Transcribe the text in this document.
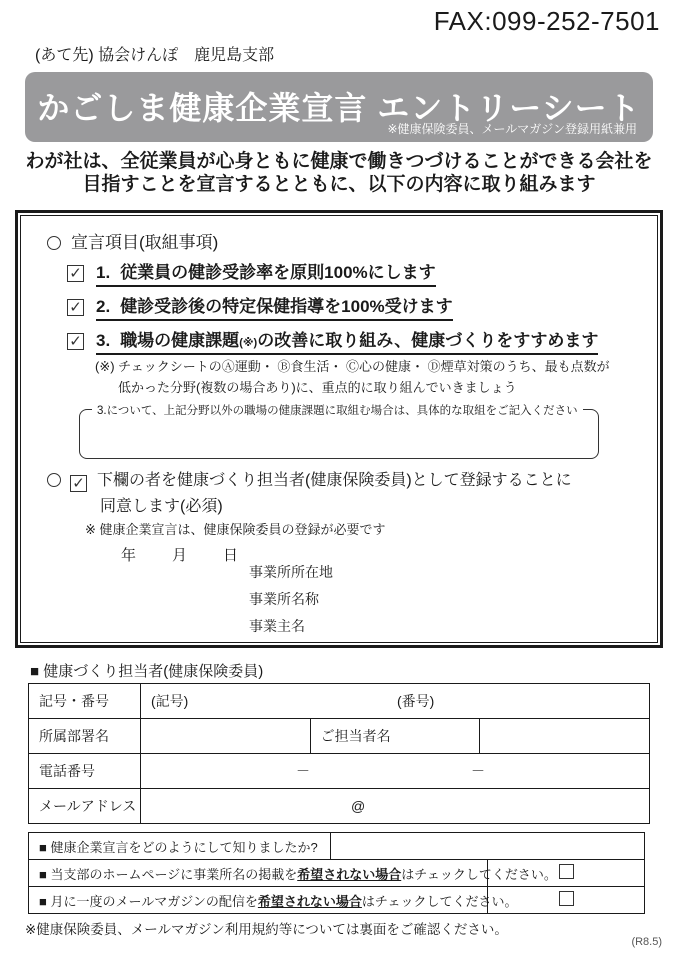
FAX:099-252-7501
(あて先) 協会けんぽ　鹿児島支部
かごしま健康企業宣言 エントリーシート
※健康保険委員、メールマガジン登録用紙兼用
わが社は、全従業員が心身ともに健康で働きつづけることができる会社を
目指すことを宣言するとともに、以下の内容に取り組みます
宣言項目(取組事項)
✓ 1. 従業員の健診受診率を原則100%にします
✓ 2. 健診受診後の特定保健指導を100%受けます
✓ 3. 職場の健康課題(※)の改善に取り組み、健康づくりをすすめます
(※) チェックシートのⒶ運動・ Ⓑ食生活・ Ⓒ心の健康・ Ⓓ煙草対策のうち、最も点数が
低かった分野(複数の場合あり)に、重点的に取り組んでいきましょう
3.について、上記分野以外の職場の健康課題に取組む場合は、具体的な取組をご記入ください
✓ 下欄の者を健康づくり担当者(健康保険委員)として登録することに
同意します(必須)
※ 健康企業宣言は、健康保険委員の登録が必要です
年 月 日
事業所所在地
事業所名称
事業主名
■ 健康づくり担当者(健康保険委員)
記号・番号	(記号) (番号)		

所属部署名		ご担当者名	
電話番号	－ －		

メールアドレス	@		
■ 健康企業宣言をどのようにして知りましたか?		
■ 当支部のホームページに事業所名の掲載を希望されない場合はチェックしてください。		
■ 月に一度のメールマガジンの配信を希望されない場合はチェックしてください。		
※健康保険委員、メールマガジン利用規約等については裏面をご確認ください。
(R8.5)
